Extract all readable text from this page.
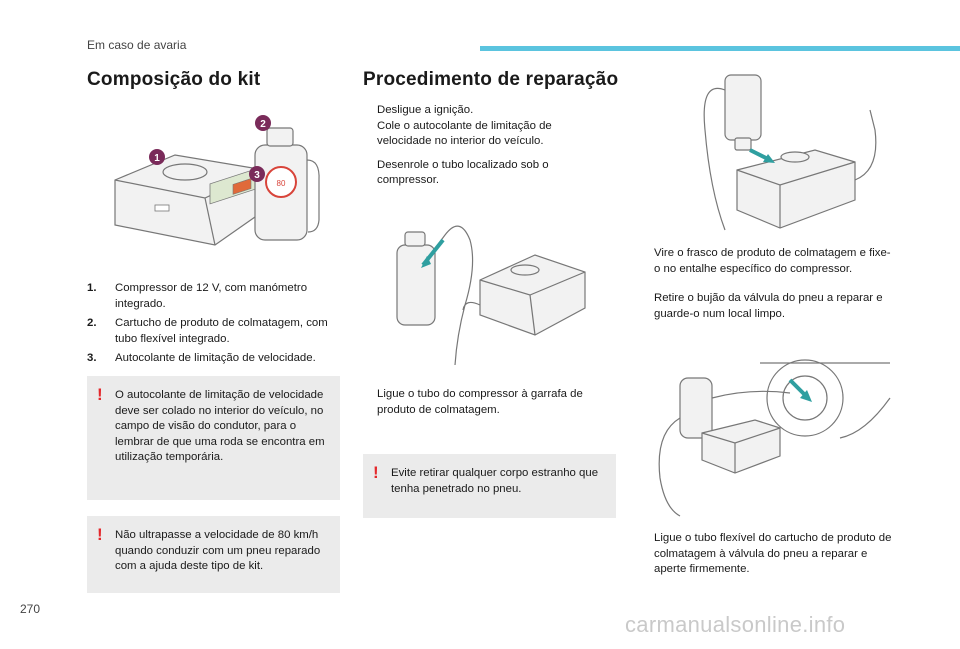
Em caso de avaria
Composição do kit
80
1
2
3
1.	Compressor de 12 V, com manómetro integrado.
2.	Cartucho de produto de colmatagem, com tubo flexível integrado.
3.	Autocolante de limitação de velocidade.
! O autocolante de limitação de velocidade deve ser colado no interior do veículo, no campo de visão do condutor, para o lembrar de que uma roda se encontra em utilização temporária.
! Não ultrapasse a velocidade de 80 km/h quando conduzir com um pneu reparado com a ajuda deste tipo de kit.
Procedimento de reparação
Desligue a ignição.
Cole o autocolante de limitação de velocidade no interior do veículo.
Desenrole o tubo localizado sob o compressor.
Ligue o tubo do compressor à garrafa de produto de colmatagem.
! Evite retirar qualquer corpo estranho que tenha penetrado no pneu.
Vire o frasco de produto de colmatagem e fixe-o no entalhe específico do compressor.
Retire o bujão da válvula do pneu a reparar e guarde-o num local limpo.
Ligue o tubo flexível do cartucho de produto de colmatagem à válvula do pneu a reparar e aperte firmemente.
270
carmanualsonline.info
